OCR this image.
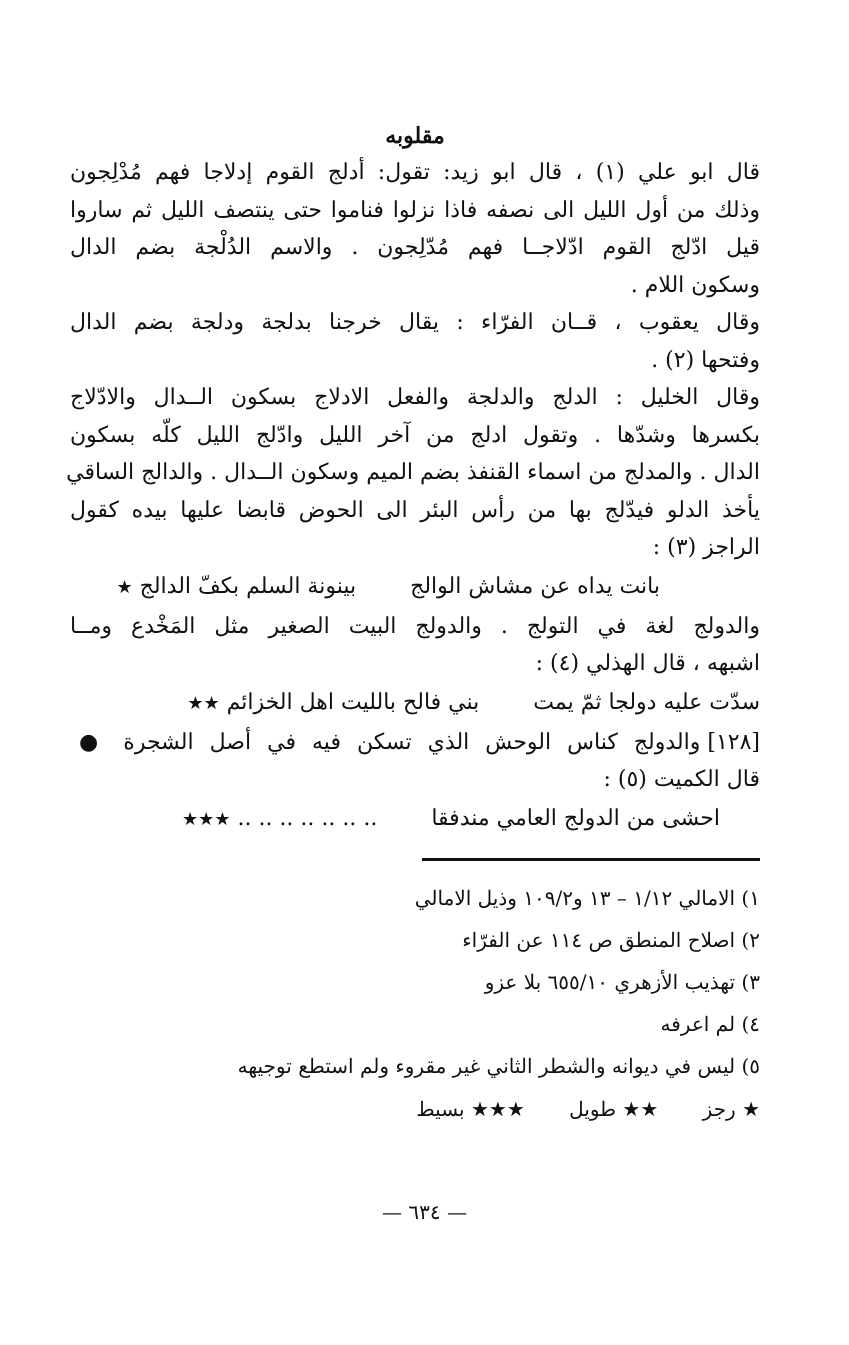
مقلوبه
قال ابو علي (١) ، قال ابو زيد: تقول: أدلج القوم إدلاجا فهم مُدْلِجون
وذلك من أول الليل الى نصفه فاذا نزلوا فناموا حتى ينتصف الليل ثم ساروا
قيل ادّلج القوم ادّلاجــا فهم مُدّلِجون . والاسم الدُلْجة بضم الدال
وسكون اللام .
وقال يعقوب ، قــان الفرّاء : يقال خرجنا بدلجة ودلجة بضم الدال
وفتحها (٢) .
وقال الخليل : الدلج والدلجة والفعل الادلاج بسكون الــدال والادّلاج
بكسرها وشدّها . وتقول ادلج من آخر الليل وادّلج الليل كلّه بسكون
الدال . والمدلج من اسماء القنفذ بضم الميم وسكون الــدال . والدالج الساقي
يأخذ الدلو فيدّلج بها من رأس البئر الى الحوض قابضا عليها بيده كقول
الراجز (٣) :
بانت يداه عن مشاش الوالج  بينونة السلم بكفّ الدالج ★
والدولج لغة في التولج . والدولج البيت الصغير مثل المَخْدع ومــا
اشبهه ، قال الهذلي (٤) :
سدّت عليه دولجا ثمّ يمت  بني فالح بالليت اهل الخزائم ★★
[١٢٨] والدولج كناس الوحش الذي تسكن فيه في أصل الشجرة ●
قال الكميت (٥) :
احشى من الدولج العامي مندفقا  .. .. .. .. .. .. .. ★★★
١) الامالي ١/١٢ – ١٣ و١٠٩/٢ وذيل الامالي
٢) اصلاح المنطق ص ١١٤ عن الفرّاء
٣) تهذيب الأزهري ٦٥٥/١٠ بلا عزو
٤) لم اعرفه
٥) ليس في ديوانه والشطر الثاني غير مقروء ولم استطع توجيهه
★ رجز ★★ طويل ★★★ بسيط
— ٦٣٤ —
